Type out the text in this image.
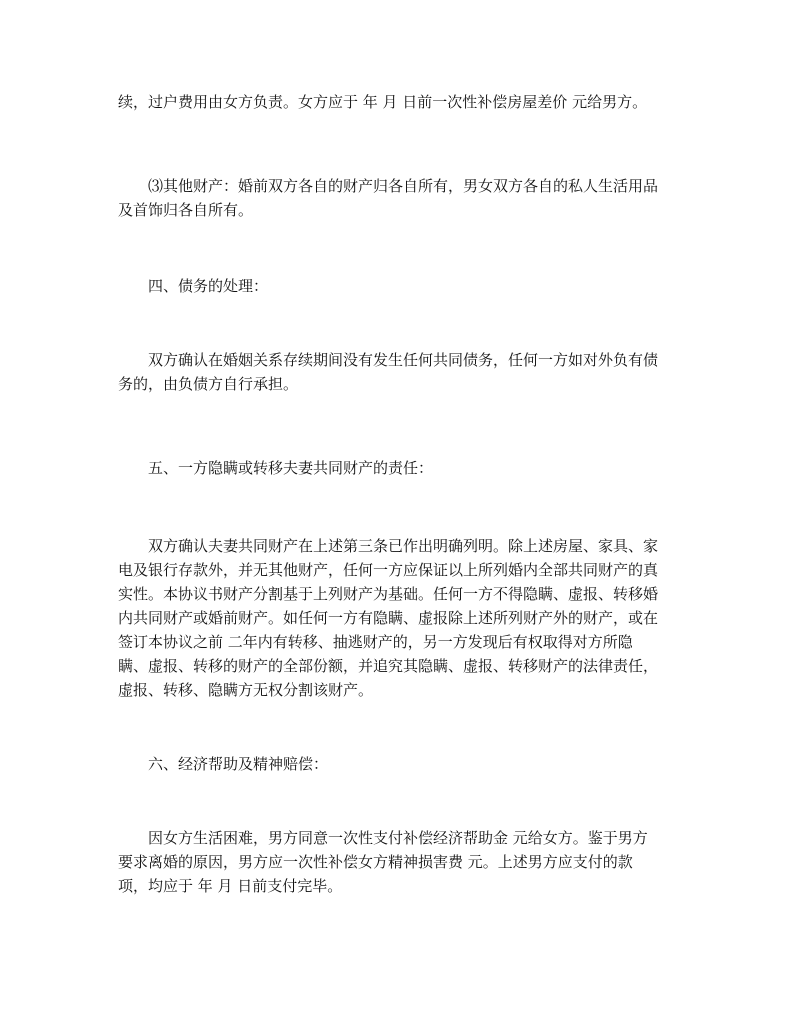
续，过户费用由女方负责。女方应于 年 月 日前一次性补偿房屋差价 元给男方。

⑶其他财产：婚前双方各自的财产归各自所有，男女双方各自的私人生活用品
及首饰归各自所有。

四、债务的处理：

双方确认在婚姻关系存续期间没有发生任何共同债务，任何一方如对外负有债
务的，由负债方自行承担。

五、一方隐瞒或转移夫妻共同财产的责任：

双方确认夫妻共同财产在上述第三条已作出明确列明。除上述房屋、家具、家
电及银行存款外，并无其他财产，任何一方应保证以上所列婚内全部共同财产的真
实性。本协议书财产分割基于上列财产为基础。任何一方不得隐瞒、虚报、转移婚
内共同财产或婚前财产。如任何一方有隐瞒、虚报除上述所列财产外的财产，或在
签订本协议之前 二年内有转移、抽逃财产的，另一方发现后有权取得对方所隐
瞒、虚报、转移的财产的全部份额，并追究其隐瞒、虚报、转移财产的法律责任，
虚报、转移、隐瞒方无权分割该财产。

六、经济帮助及精神赔偿：

因女方生活困难，男方同意一次性支付补偿经济帮助金 元给女方。鉴于男方
要求离婚的原因，男方应一次性补偿女方精神损害费 元。上述男方应支付的款
项，均应于 年 月 日前支付完毕。
